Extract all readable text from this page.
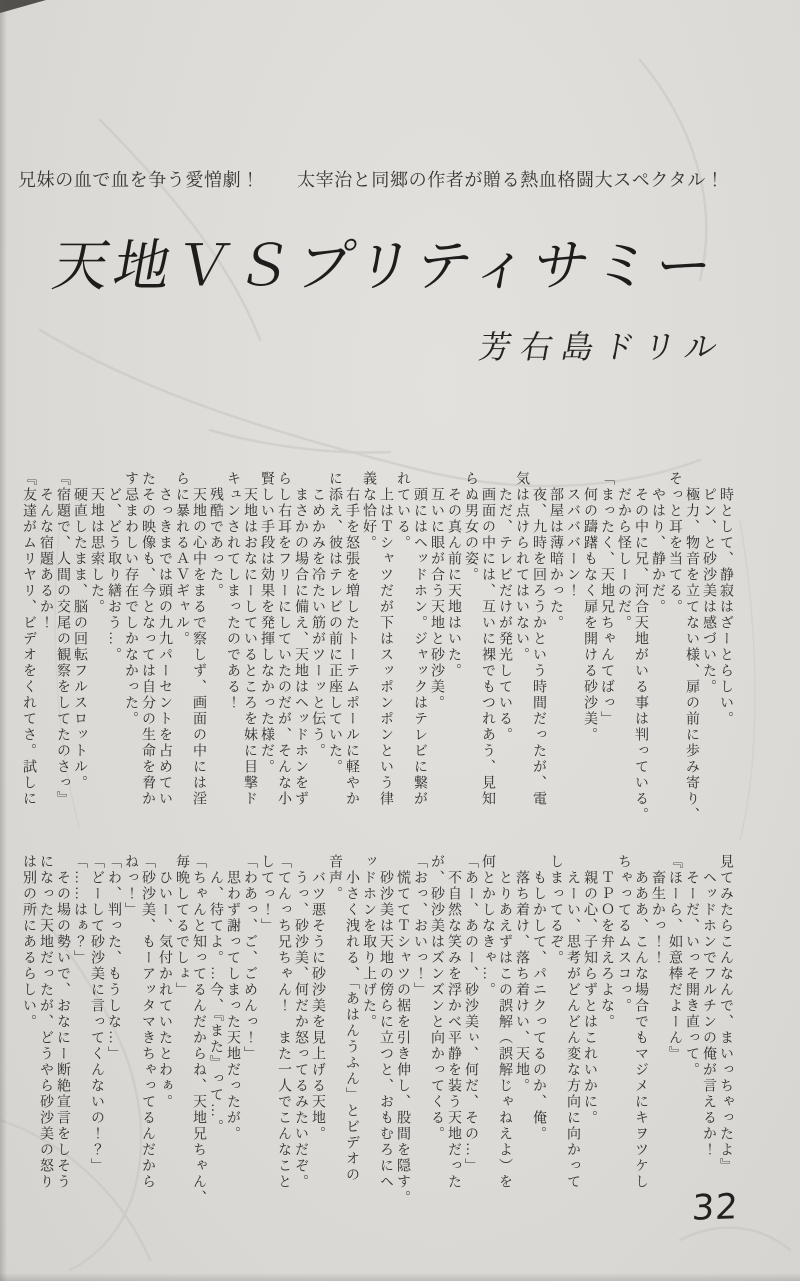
兄妹の血で血を争う愛憎劇！　　太宰治と同郷の作者が贈る熱血格闘大スペクタル！
天地ＶＳプリティサミー
芳右島ドリル
　時として、静寂はざーとらしい。
　ピン、と砂沙美は感づいた。
　極力、物音を立てない様、扉の前に歩み寄り、
そっと耳を当てる。
　やはり、静かだ。
　その中に兄、河合天地がいる事は判っている。
　だから怪しーのだ。
「まったく、天地兄ちゃんてばっ」
　何の躊躇もなく扉を開ける砂沙美。
　スバババーン！
　部屋は薄暗かった。
　夜、九時を回ろうかという時間だったが、電
気は点けられてはいない。
　ただ、テレビだけが発光している。
　画面の中には、互いに裸でもつれあう、見知
らぬ男女の姿。
　その真ん前に天地はいた。
　互いに眼が合う天地と砂沙美。
　頭にはヘッドホン。ジャックはテレビに繋が
れている。
　上はＴシャツだが下はスッポンポンという律
義な恰好。
　右手を怒張を増したトーテムポールに軽やか
に添え、彼はテレビの前に正座していた。
　こめかみを冷たい筋がツーッと伝う。
　まさかの場合に備え、天地はヘッドホンをず
らし右耳をフリーにしていたのだが、そんな小
賢しい手段は効果を発揮しなかった様だ。
　天地はおなにーしているところを妹に目撃ド
キュンされてしまったのである！
　残酷であった。
　天地の心中をまるで察しず、画面の中には淫
らに暴れるＡＶギャル。
　さっきまでは頭の九九パーセントを占めてい
たその映像も、今となっては自分の生命を脅か
す忌まわしい存在でしかなかった。
　ど、どう取り繕おう…。
　天地は思索した。
　硬直したまま、脳の回転フルスロットル。
『宿題で、人間の交尾の観察をしてたのさっ』
　そんな宿題あるか！
『友達がムリヤリ、ビデオをくれてさ。試しに
見てみたらこんなんで、まいっちゃったよ』
　ヘッドホンでフルチンの俺が言えるか！
　そーだ、いっそ開き直って。
『ほーら、如意棒だよーん』
　畜生かっ！！
　あああ、こんな場合でもマジメにキヲツケし
ちゃってるムスコっ。
　ＴＰＯを弁えろよな。
　親の心、子知らずとはこれいかに。
　えーい、思考がどんどん変な方向に向かって
しまってるぞ。
　もしかして、パニクってるのか、俺。
　落ち着け、落ち着けい、天地。
　とりあえずはこの誤解（誤解じゃねえよ）を
何とかしなきゃ…。
「あー、あのー、砂沙美ぃ、何だ、その…」
　不自然な笑みを浮かべ平静を装う天地だった
が、砂沙美はズンズンと向かってくる。
「おっ、おいっ！」
　慌ててＴシャツの裾を引き伸し、股間を隠す。
　砂沙美は天地の傍らに立つと、おもむろにヘ
ッドホンを取り上げた。
　小さく洩れる、「あはんうふん」とビデオの
音声。
　バツ悪そうに砂沙美を見上げる天地。
　うっ、砂沙美、何だか怒ってるみたいだぞ。
「てんっち兄ちゃん！　また一人でこんなこと
してっ！」
「わあっ、ご、ごめんっ！」
　思わず謝ってしまった天地だったが。
　ん、待てよ。…今、『また』って…。
「ちゃんと知ってるんだからね、天地兄ちゃん、
毎晩してるでしょ」
　ひいー、気付かれていたとわぁ。
「砂沙美、もーアッタマきちゃってるんだから
ねっ！」
「わ、判った、もうしな…」
「どーして砂沙美に言ってくんないの！？」
「……はぁ？」
　その場の勢いで、おなにー断絶宣言をしそう
になった天地だったが、どうやら砂沙美の怒り
は別の所にあるらしい。
32
